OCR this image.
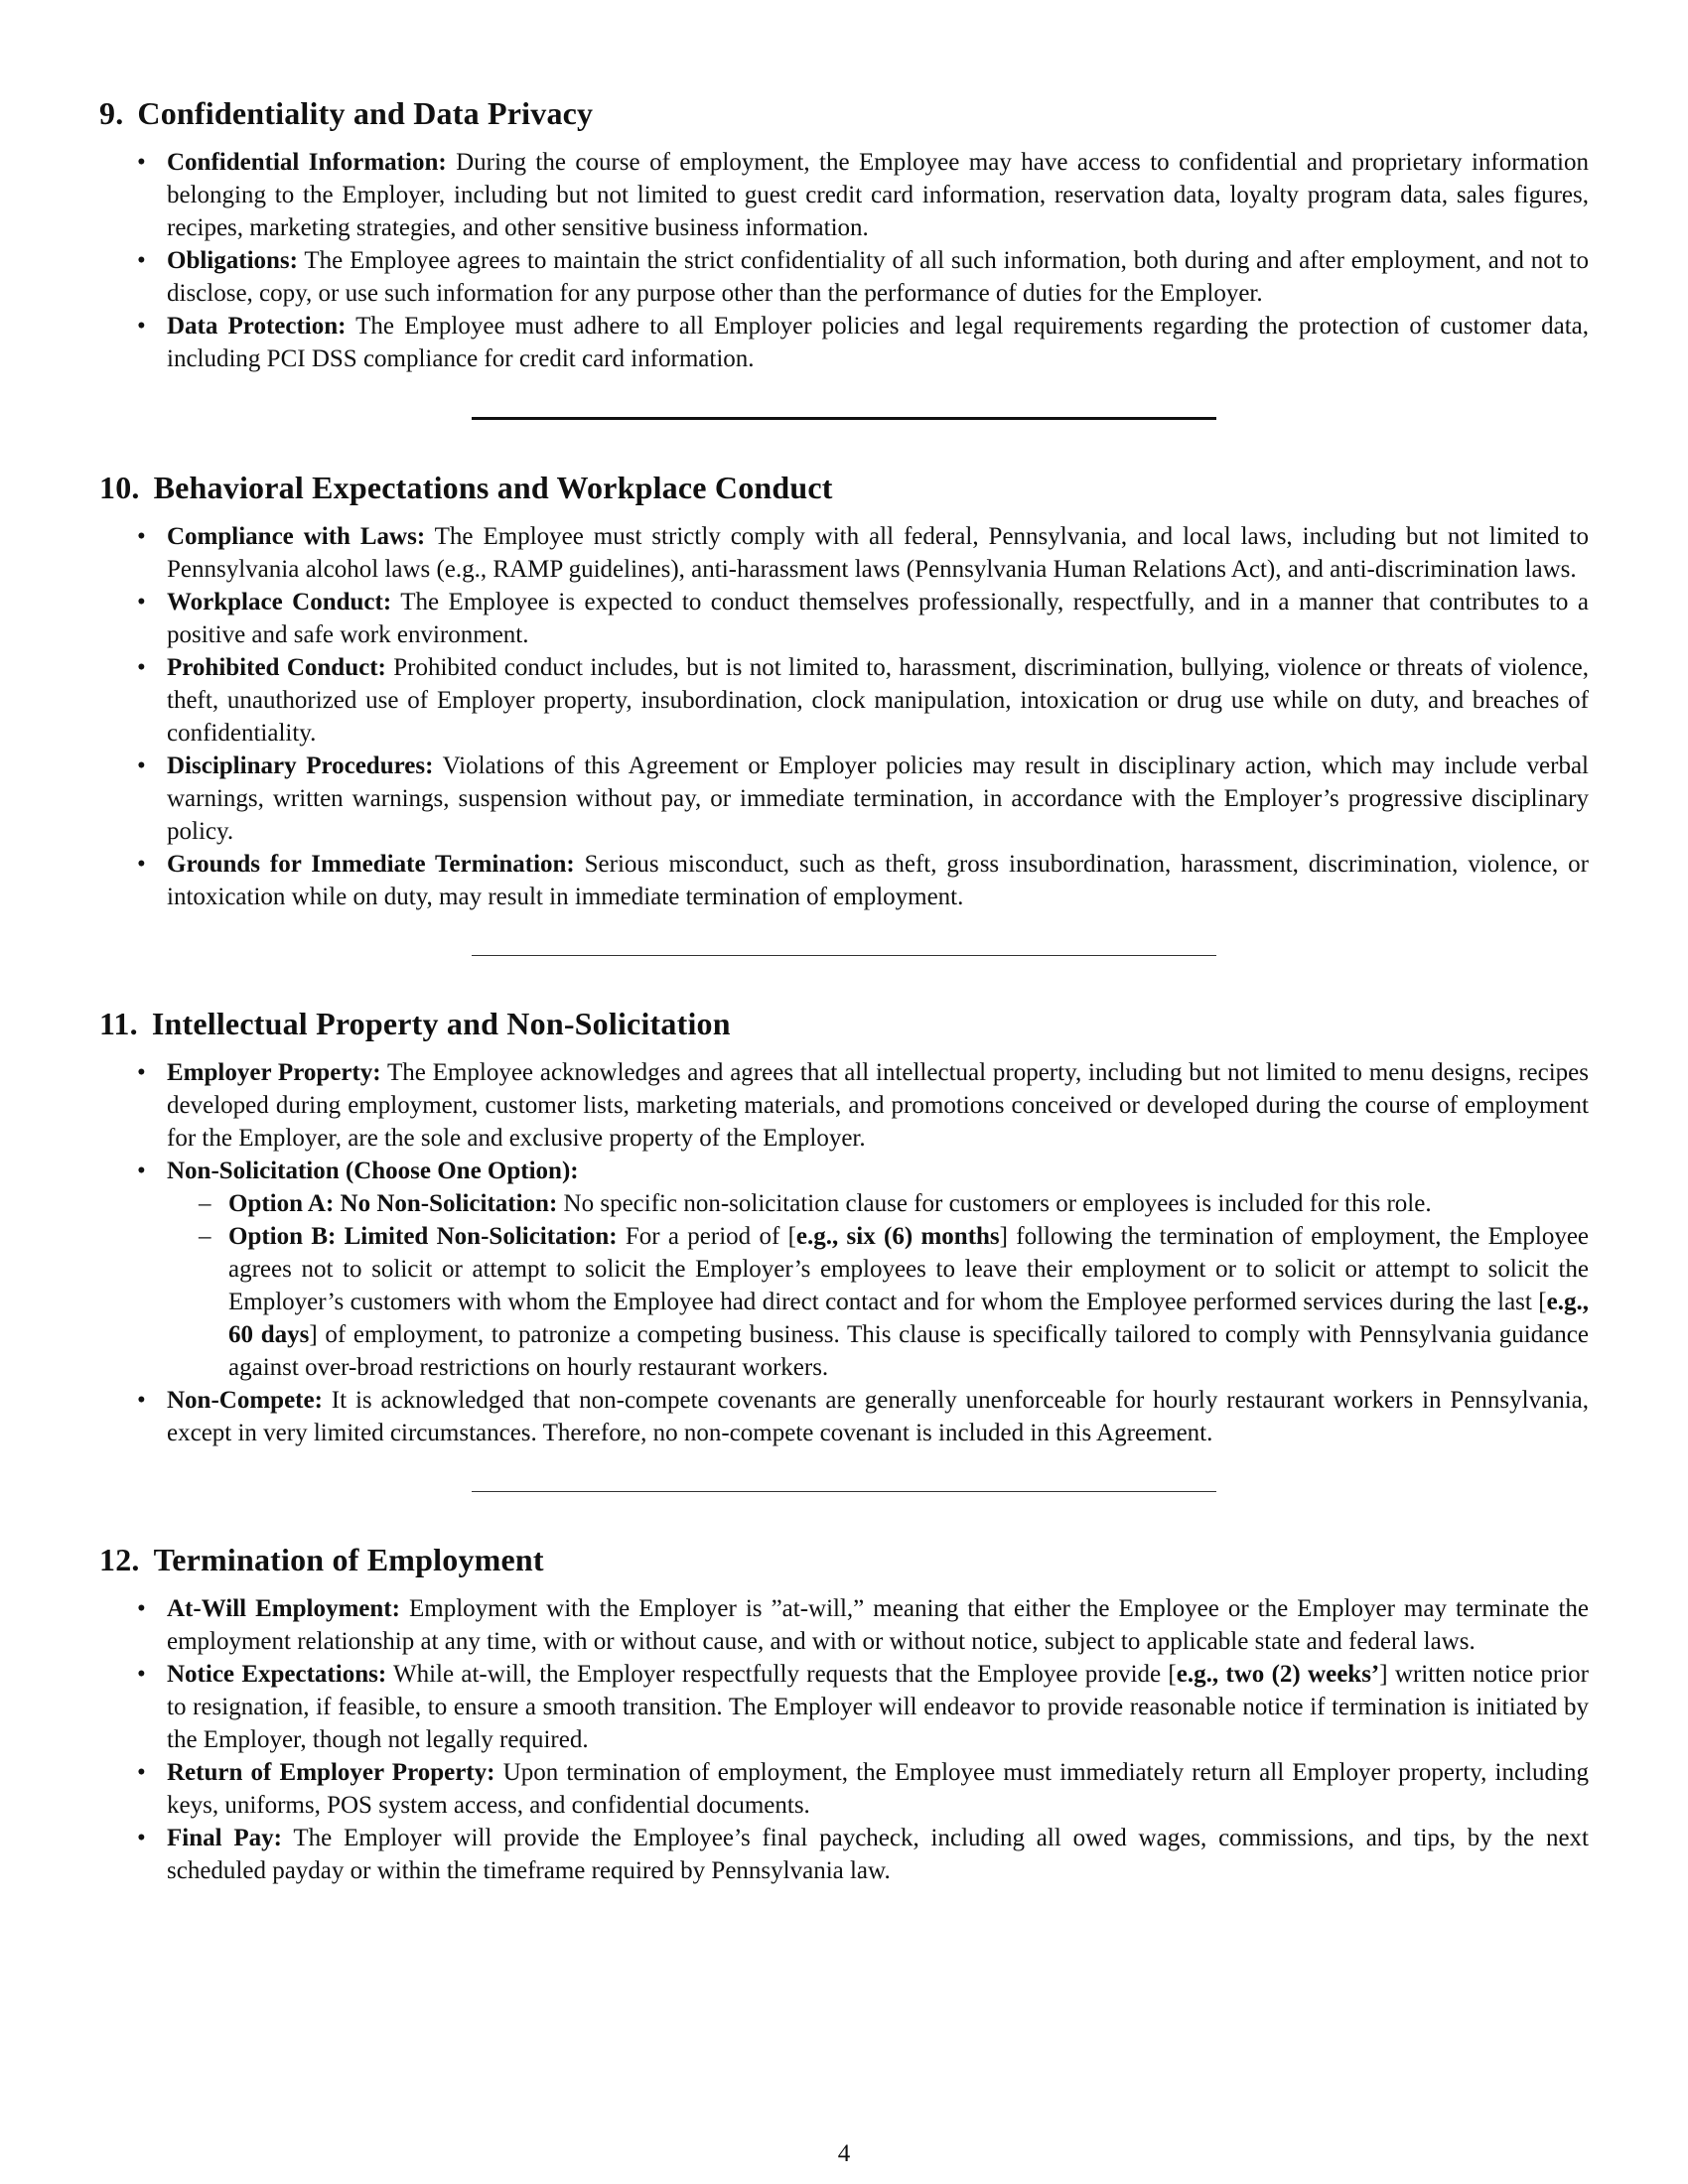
9. Confidentiality and Data Privacy
• Confidential Information: During the course of employment, the Employee may have access to confidential and proprietary information belonging to the Employer, including but not limited to guest credit card information, reservation data, loyalty program data, sales figures, recipes, marketing strategies, and other sensitive business information.
• Obligations: The Employee agrees to maintain the strict confidentiality of all such information, both during and after employment, and not to disclose, copy, or use such information for any purpose other than the performance of duties for the Employer.
• Data Protection: The Employee must adhere to all Employer policies and legal requirements regarding the protection of customer data, including PCI DSS compliance for credit card information.
10. Behavioral Expectations and Workplace Conduct
• Compliance with Laws: The Employee must strictly comply with all federal, Pennsylvania, and local laws, including but not limited to Pennsylvania alcohol laws (e.g., RAMP guidelines), anti-harassment laws (Pennsylvania Human Relations Act), and anti-discrimination laws.
• Workplace Conduct: The Employee is expected to conduct themselves professionally, respectfully, and in a manner that contributes to a positive and safe work environment.
• Prohibited Conduct: Prohibited conduct includes, but is not limited to, harassment, discrimination, bullying, violence or threats of violence, theft, unauthorized use of Employer property, insubordination, clock manipulation, intoxication or drug use while on duty, and breaches of confidentiality.
• Disciplinary Procedures: Violations of this Agreement or Employer policies may result in disciplinary action, which may include verbal warnings, written warnings, suspension without pay, or immediate termination, in accordance with the Employer’s progressive disciplinary policy.
• Grounds for Immediate Termination: Serious misconduct, such as theft, gross insubordination, harassment, discrimination, violence, or intoxication while on duty, may result in immediate termination of employment.
11. Intellectual Property and Non-Solicitation
• Employer Property: The Employee acknowledges and agrees that all intellectual property, including but not limited to menu designs, recipes developed during employment, customer lists, marketing materials, and promotions conceived or developed during the course of employment for the Employer, are the sole and exclusive property of the Employer.
• Non-Solicitation (Choose One Option):
– Option A: No Non-Solicitation: No specific non-solicitation clause for customers or employees is included for this role.
– Option B: Limited Non-Solicitation: For a period of [e.g., six (6) months] following the termination of employment, the Employee agrees not to solicit or attempt to solicit the Employer’s employees to leave their employment or to solicit or attempt to solicit the Employer’s customers with whom the Employee had direct contact and for whom the Employee performed services during the last [e.g., 60 days] of employment, to patronize a competing business. This clause is specifically tailored to comply with Pennsylvania guidance against over-broad restrictions on hourly restaurant workers.
• Non-Compete: It is acknowledged that non-compete covenants are generally unenforceable for hourly restaurant workers in Pennsylvania, except in very limited circumstances. Therefore, no non-compete covenant is included in this Agreement.
12. Termination of Employment
• At-Will Employment: Employment with the Employer is ”at-will,” meaning that either the Employee or the Employer may terminate the employment relationship at any time, with or without cause, and with or without notice, subject to applicable state and federal laws.
• Notice Expectations: While at-will, the Employer respectfully requests that the Employee provide [e.g., two (2) weeks’] written notice prior to resignation, if feasible, to ensure a smooth transition. The Employer will endeavor to provide reasonable notice if termination is initiated by the Employer, though not legally required.
• Return of Employer Property: Upon termination of employment, the Employee must immediately return all Employer property, including keys, uniforms, POS system access, and confidential documents.
• Final Pay: The Employer will provide the Employee’s final paycheck, including all owed wages, commissions, and tips, by the next scheduled payday or within the timeframe required by Pennsylvania law.
4
